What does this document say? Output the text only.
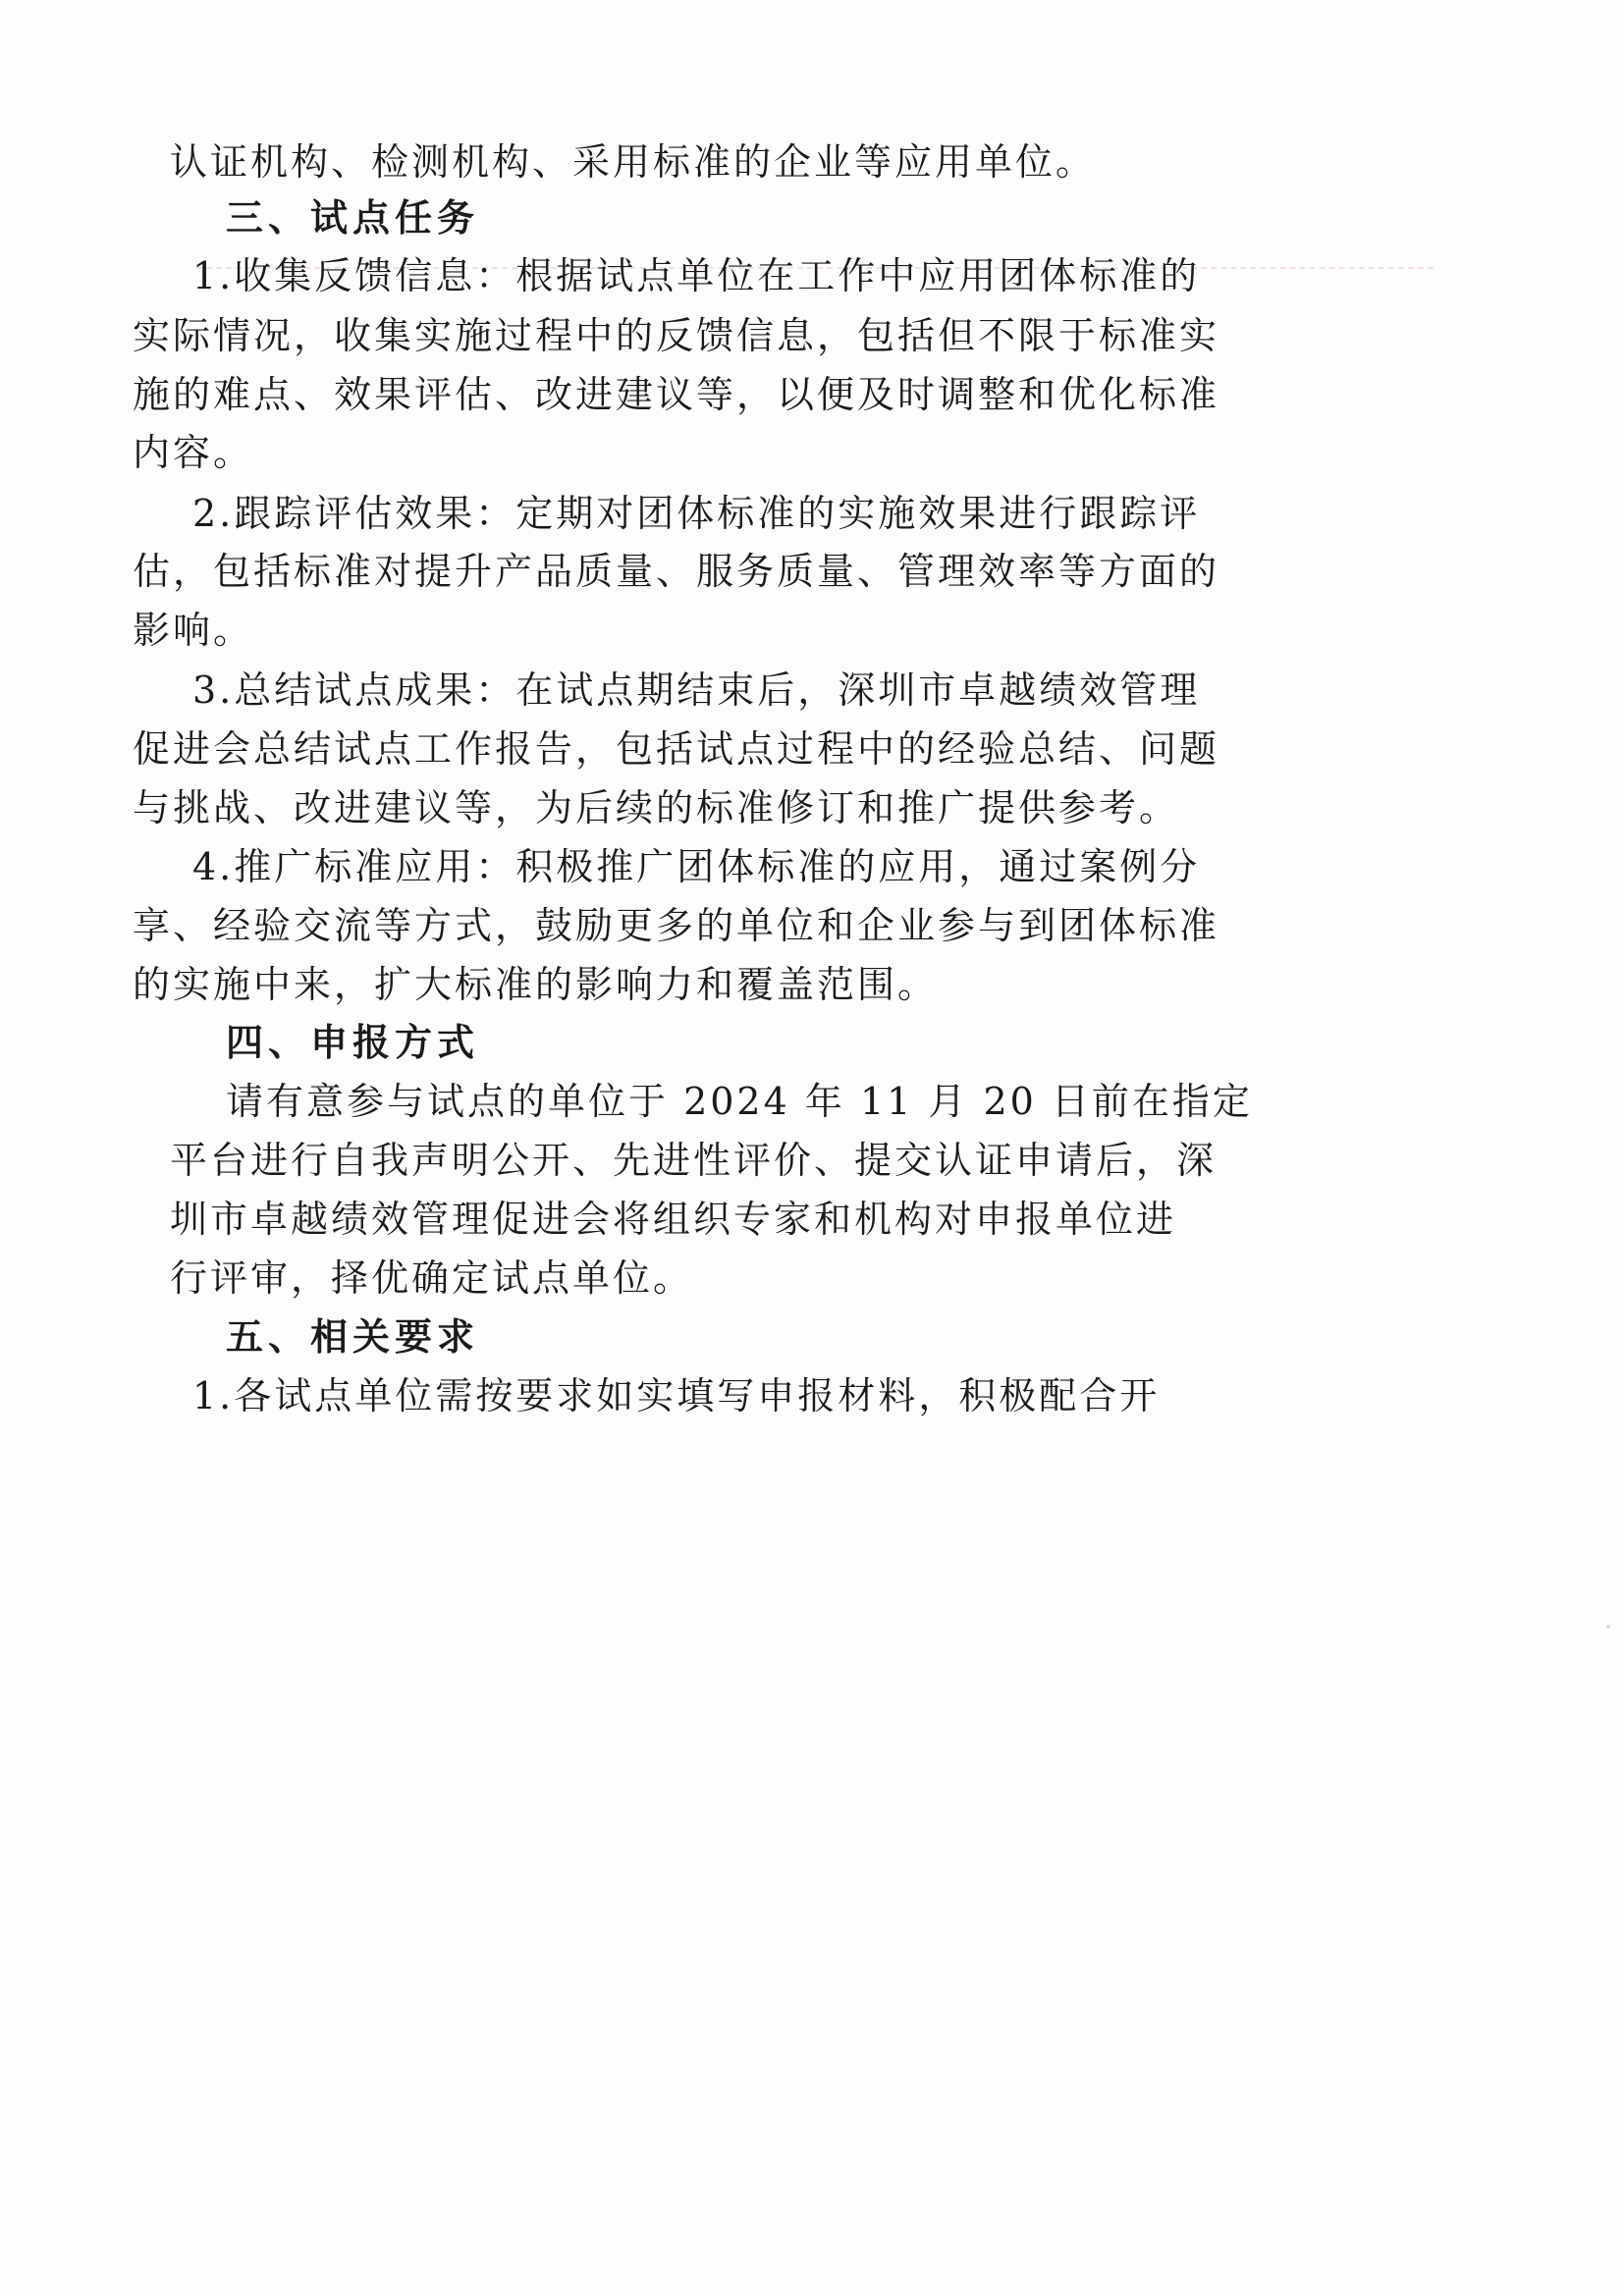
认证机构、检测机构、采用标准的企业等应用单位。
三、试点任务
1.收集反馈信息：根据试点单位在工作中应用团体标准的
实际情况，收集实施过程中的反馈信息，包括但不限于标准实
施的难点、效果评估、改进建议等，以便及时调整和优化标准
内容。
2.跟踪评估效果：定期对团体标准的实施效果进行跟踪评
估，包括标准对提升产品质量、服务质量、管理效率等方面的
影响。
3.总结试点成果：在试点期结束后，深圳市卓越绩效管理
促进会总结试点工作报告，包括试点过程中的经验总结、问题
与挑战、改进建议等，为后续的标准修订和推广提供参考。
4.推广标准应用：积极推广团体标准的应用，通过案例分
享、经验交流等方式，鼓励更多的单位和企业参与到团体标准
的实施中来，扩大标准的影响力和覆盖范围。
四、申报方式
请有意参与试点的单位于 2024 年 11 月 20 日前在指定
平台进行自我声明公开、先进性评价、提交认证申请后，深
圳市卓越绩效管理促进会将组织专家和机构对申报单位进
行评审，择优确定试点单位。
五、相关要求
1.各试点单位需按要求如实填写申报材料，积极配合开
